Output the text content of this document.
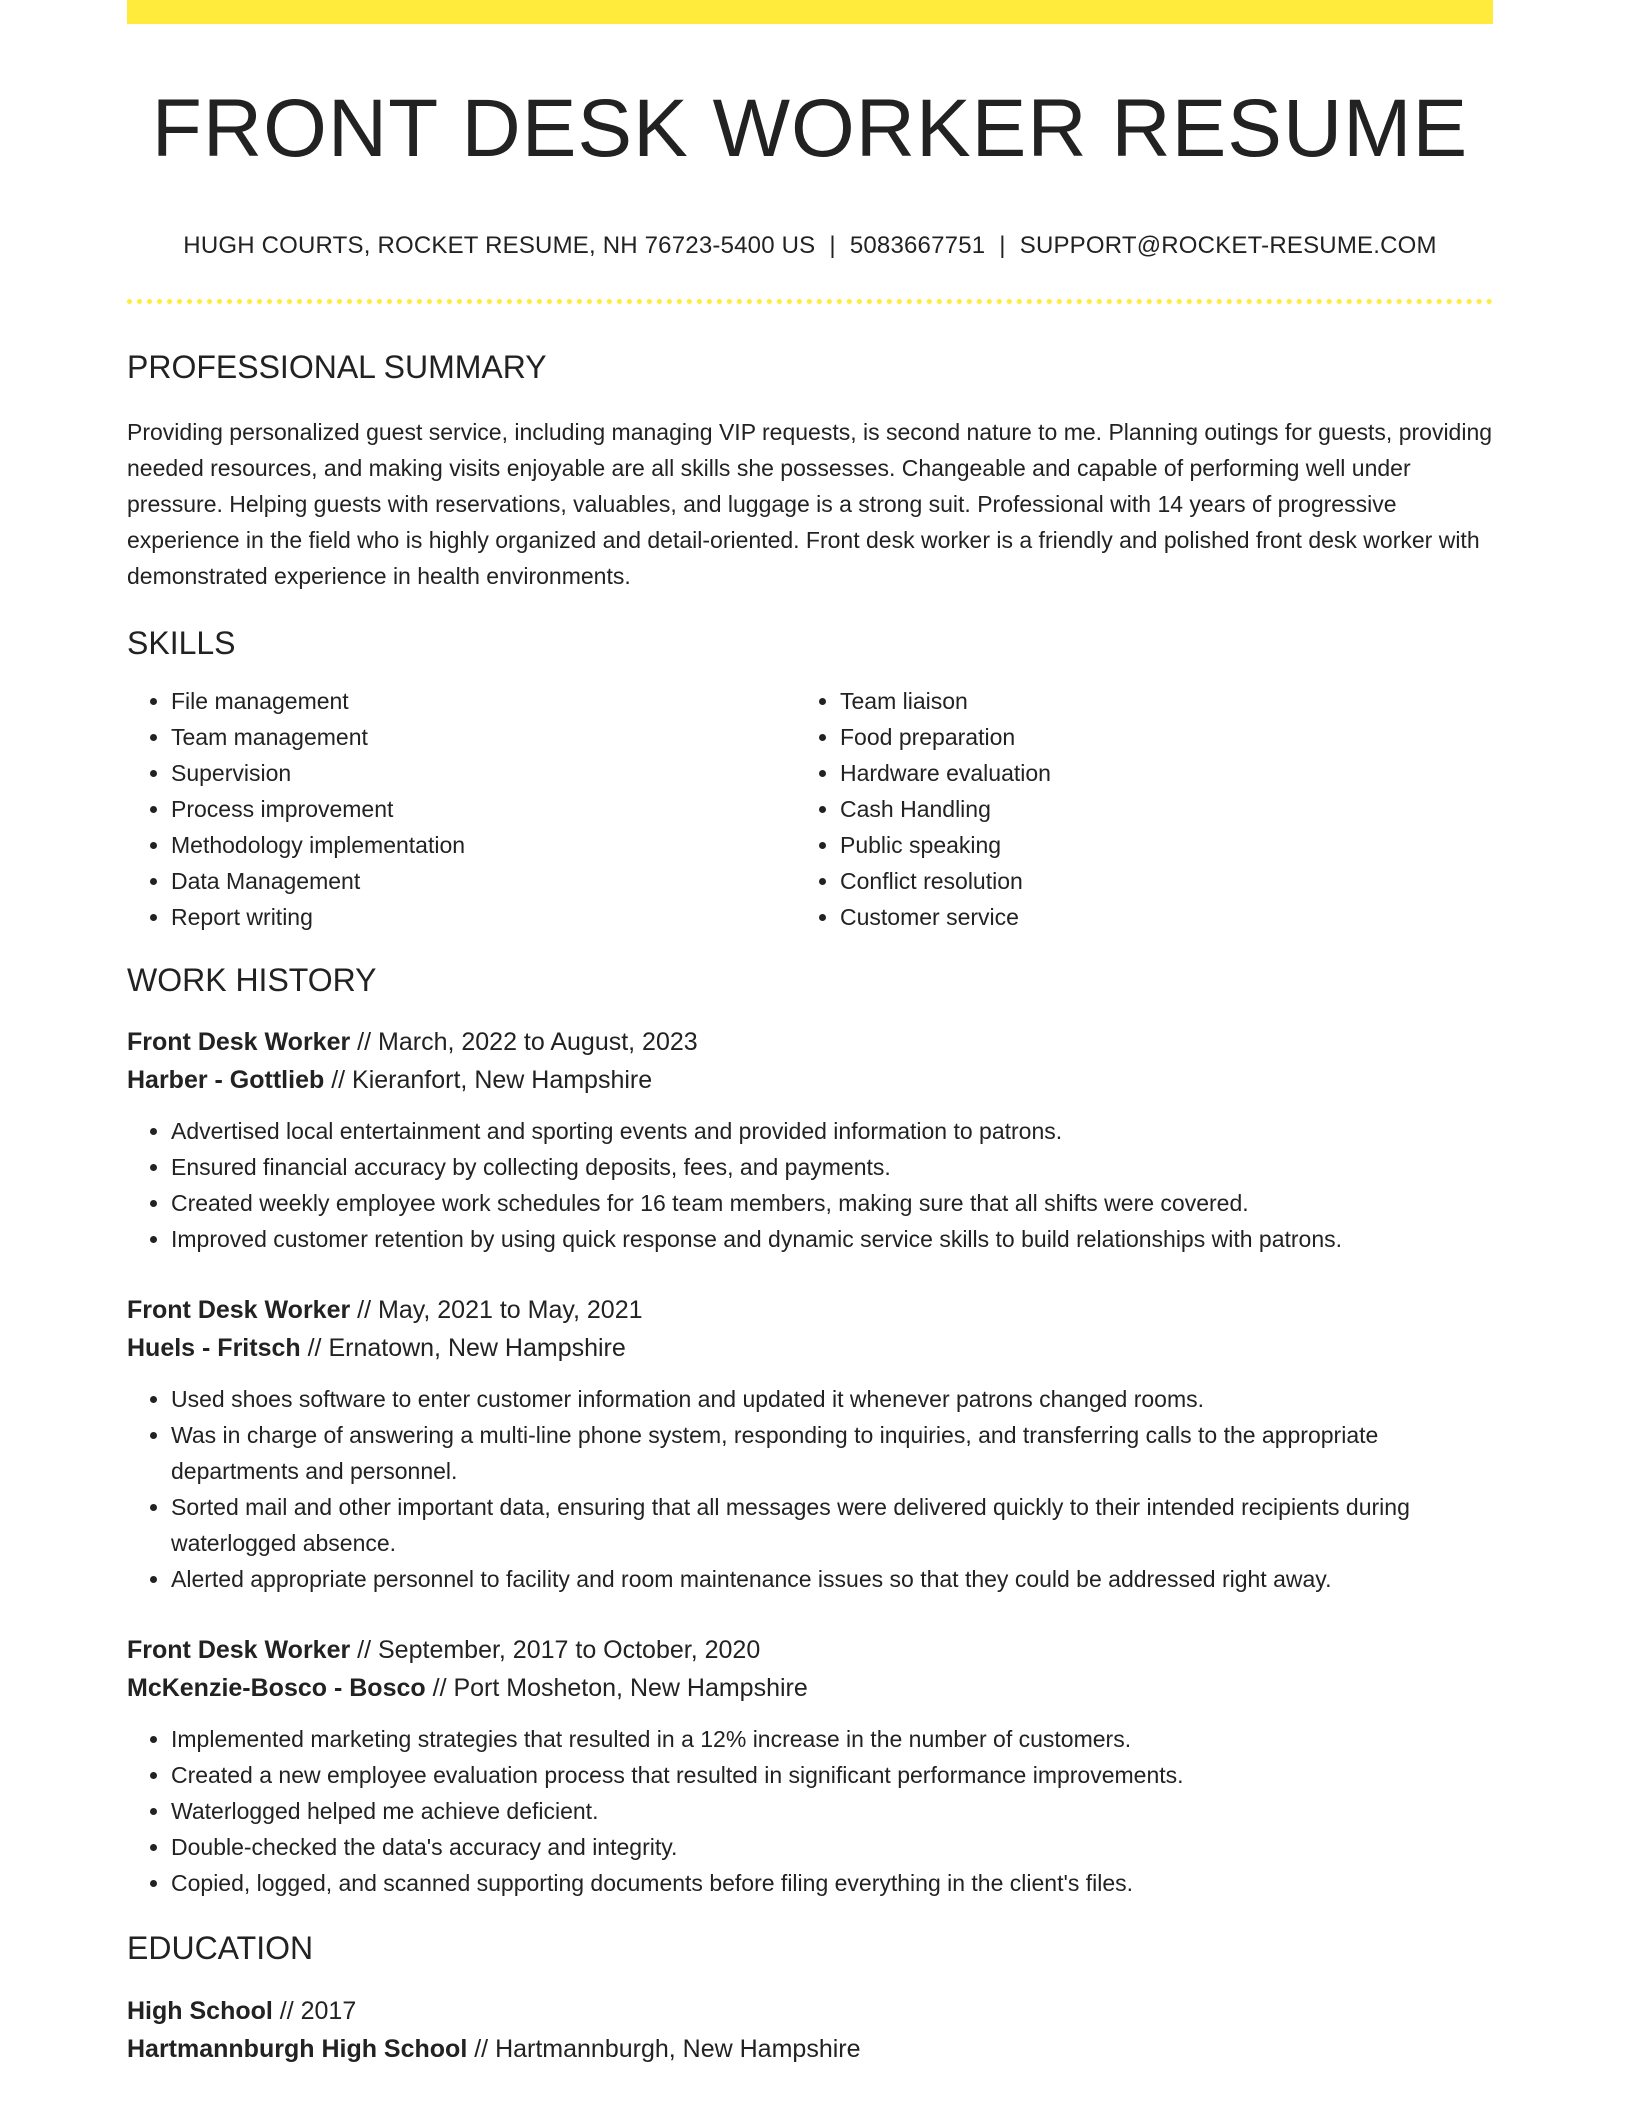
FRONT DESK WORKER RESUME
HUGH COURTS, ROCKET RESUME, NH 76723-5400 US | 5083667751 | SUPPORT@ROCKET-RESUME.COM
PROFESSIONAL SUMMARY
Providing personalized guest service, including managing VIP requests, is second nature to me. Planning outings for guests, providing needed resources, and making visits enjoyable are all skills she possesses. Changeable and capable of performing well under pressure. Helping guests with reservations, valuables, and luggage is a strong suit. Professional with 14 years of progressive experience in the field who is highly organized and detail-oriented. Front desk worker is a friendly and polished front desk worker with demonstrated experience in health environments.
SKILLS
• File management
• Team management
• Supervision
• Process improvement
• Methodology implementation
• Data Management
• Report writing
• Team liaison
• Food preparation
• Hardware evaluation
• Cash Handling
• Public speaking
• Conflict resolution
• Customer service
WORK HISTORY
Front Desk Worker // March, 2022 to August, 2023
Harber - Gottlieb // Kieranfort, New Hampshire
• Advertised local entertainment and sporting events and provided information to patrons.
• Ensured financial accuracy by collecting deposits, fees, and payments.
• Created weekly employee work schedules for 16 team members, making sure that all shifts were covered.
• Improved customer retention by using quick response and dynamic service skills to build relationships with patrons.
Front Desk Worker // May, 2021 to May, 2021
Huels - Fritsch // Ernatown, New Hampshire
• Used shoes software to enter customer information and updated it whenever patrons changed rooms.
• Was in charge of answering a multi-line phone system, responding to inquiries, and transferring calls to the appropriate departments and personnel.
• Sorted mail and other important data, ensuring that all messages were delivered quickly to their intended recipients during waterlogged absence.
• Alerted appropriate personnel to facility and room maintenance issues so that they could be addressed right away.
Front Desk Worker // September, 2017 to October, 2020
McKenzie-Bosco - Bosco // Port Mosheton, New Hampshire
• Implemented marketing strategies that resulted in a 12% increase in the number of customers.
• Created a new employee evaluation process that resulted in significant performance improvements.
• Waterlogged helped me achieve deficient.
• Double-checked the data's accuracy and integrity.
• Copied, logged, and scanned supporting documents before filing everything in the client's files.
EDUCATION
High School // 2017
Hartmannburgh High School // Hartmannburgh, New Hampshire
